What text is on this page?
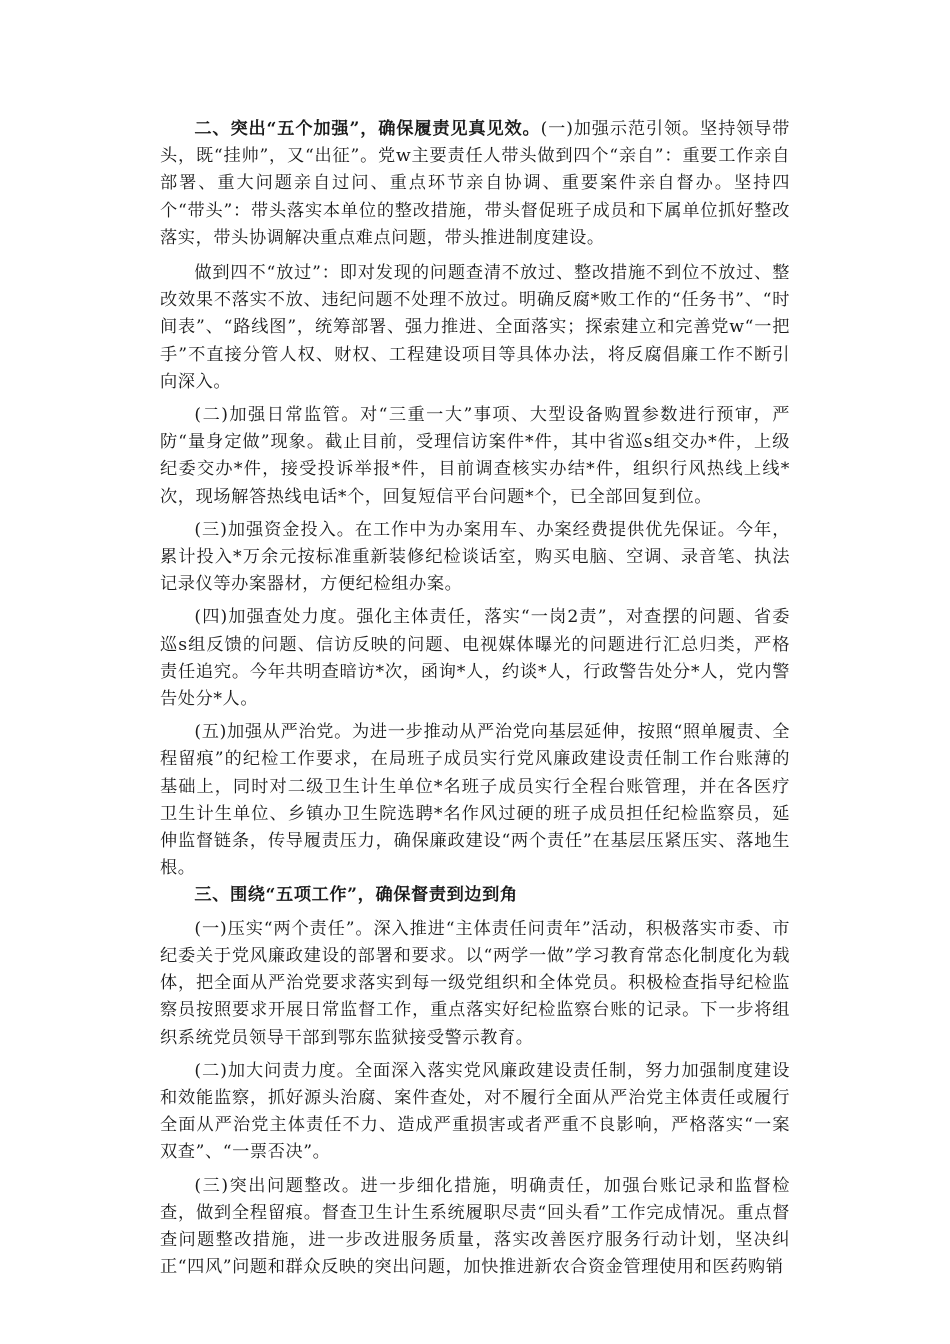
二、突出“五个加强”，确保履责见真见效。(一)加强示范引领。坚持领导带头，既“挂帅”，又“出征”。党w主要责任人带头做到四个“亲自”：重要工作亲自部署、重大问题亲自过问、重点环节亲自协调、重要案件亲自督办。坚持四个“带头”：带头落实本单位的整改措施，带头督促班子成员和下属单位抓好整改落实，带头协调解决重点难点问题，带头推进制度建设。

做到四不“放过”：即对发现的问题查清不放过、整改措施不到位不放过、整改效果不落实不放、违纪问题不处理不放过。明确反腐*败工作的“任务书”、“时间表”、“路线图”，统筹部署、强力推进、全面落实；探索建立和完善党w“一把手”不直接分管人权、财权、工程建设项目等具体办法，将反腐倡廉工作不断引向深入。

(二)加强日常监管。对“三重一大”事项、大型设备购置参数进行预审，严防“量身定做”现象。截止目前，受理信访案件*件，其中省巡s组交办*件，上级纪委交办*件，接受投诉举报*件，目前调查核实办结*件，组织行风热线上线*次，现场解答热线电话*个，回复短信平台问题*个，已全部回复到位。

(三)加强资金投入。在工作中为办案用车、办案经费提供优先保证。今年，累计投入*万余元按标准重新装修纪检谈话室，购买电脑、空调、录音笔、执法记录仪等办案器材，方便纪检组办案。

(四)加强查处力度。强化主体责任，落实“一岗2责”，对查摆的问题、省委巡s组反馈的问题、信访反映的问题、电视媒体曝光的问题进行汇总归类，严格责任追究。今年共明查暗访*次，函询*人，约谈*人，行政警告处分*人，党内警告处分*人。

(五)加强从严治党。为进一步推动从严治党向基层延伸，按照“照单履责、全程留痕”的纪检工作要求，在局班子成员实行党风廉政建设责任制工作台账薄的基础上，同时对二级卫生计生单位*名班子成员实行全程台账管理，并在各医疗卫生计生单位、乡镇办卫生院选聘*名作风过硬的班子成员担任纪检监察员，延伸监督链条，传导履责压力，确保廉政建设“两个责任”在基层压紧压实、落地生根。

三、围绕“五项工作”，确保督责到边到角

(一)压实“两个责任”。深入推进“主体责任问责年”活动，积极落实市委、市纪委关于党风廉政建设的部署和要求。以“两学一做”学习教育常态化制度化为载体，把全面从严治党要求落实到每一级党组织和全体党员。积极检查指导纪检监察员按照要求开展日常监督工作，重点落实好纪检监察台账的记录。下一步将组织系统党员领导干部到鄂东监狱接受警示教育。

(二)加大问责力度。全面深入落实党风廉政建设责任制，努力加强制度建设和效能监察，抓好源头治腐、案件查处，对不履行全面从严治党主体责任或履行全面从严治党主体责任不力、造成严重损害或者严重不良影响，严格落实“一案双查”、“一票否决”。

(三)突出问题整改。进一步细化措施，明确责任，加强台账记录和监督检查，做到全程留痕。督查卫生计生系统履职尽责“回头看”工作完成情况。重点督查问题整改措施，进一步改进服务质量，落实改善医疗服务行动计划，坚决纠正“四风”问题和群众反映的突出问题，加快推进新农合资金管理使用和医药购销
